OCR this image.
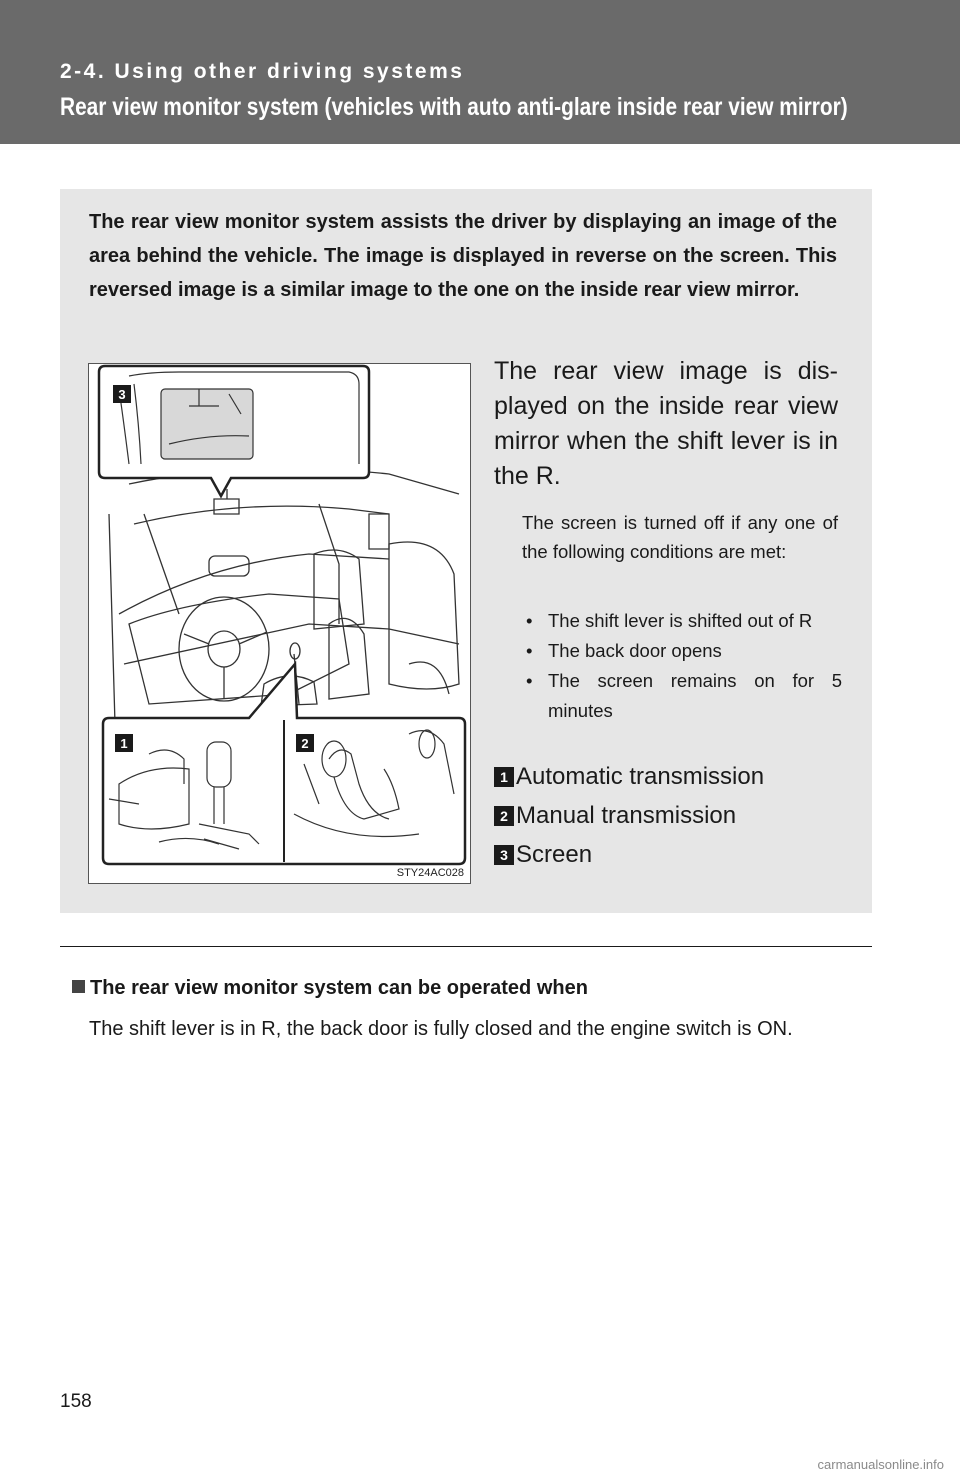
2-4. Using other driving systems
Rear view monitor system (vehicles with auto anti-glare inside rear view mirror)
The rear view monitor system assists the driver by displaying an image of the area behind the vehicle. The image is displayed in reverse on the screen. This reversed image is a similar image to the one on the inside rear view mirror.
3
1	2
STY24AC028
The rear view image is dis-played on the inside rear view mirror when the shift lever is in the R.
The screen is turned off if any one of the following conditions are met:
• The shift lever is shifted out of R
• The back door opens
• The screen remains on for 5 minutes
1 Automatic transmission
2 Manual transmission
3 Screen
The rear view monitor system can be operated when
The shift lever is in R, the back door is fully closed and the engine switch is ON.
158
carmanualsonline.info
